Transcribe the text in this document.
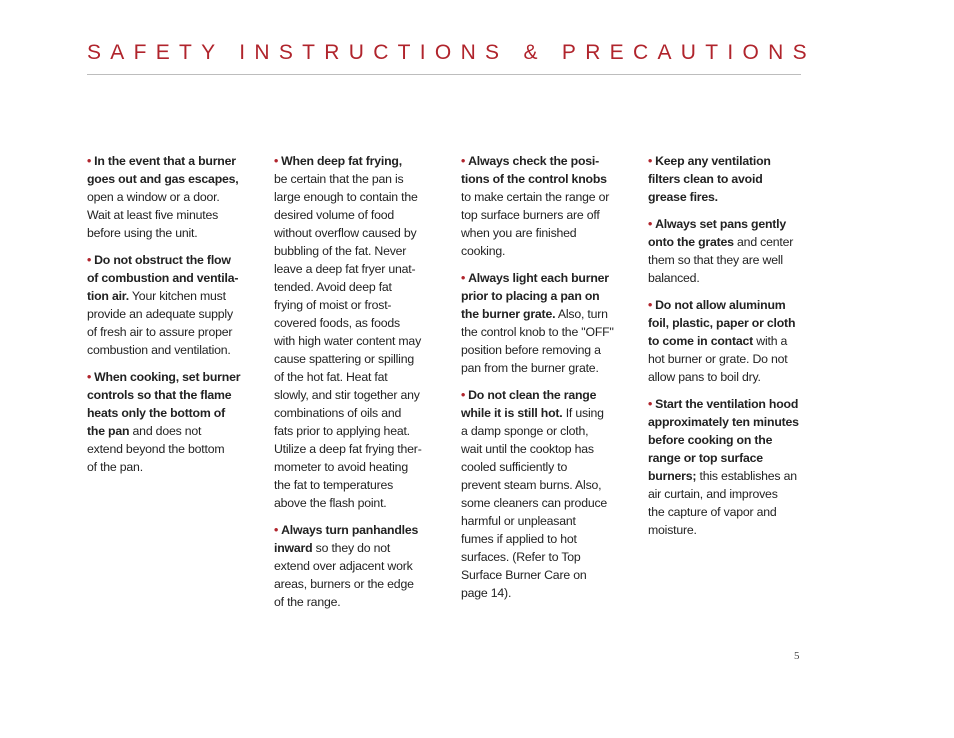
SAFETY INSTRUCTIONS & PRECAUTIONS

• In the event that a burner
goes out and gas escapes,
open a window or a door.
Wait at least five minutes
before using the unit.

• Do not obstruct the flow
of combustion and ventila-
tion air. Your kitchen must
provide an adequate supply
of fresh air to assure proper
combustion and ventilation.

• When cooking, set burner
controls so that the flame
heats only the bottom of
the pan and does not
extend beyond the bottom
of the pan.

• When deep fat frying,
be certain that the pan is
large enough to contain the
desired volume of food
without overflow caused by
bubbling of the fat. Never
leave a deep fat fryer unat-
tended. Avoid deep fat
frying of moist or frost-
covered foods, as foods
with high water content may
cause spattering or spilling
of the hot fat. Heat fat
slowly, and stir together any
combinations of oils and
fats prior to applying heat.
Utilize a deep fat frying ther-
mometer to avoid heating
the fat to temperatures
above the flash point.

• Always turn panhandles
inward so they do not
extend over adjacent work
areas, burners or the edge
of the range.

• Always check the posi-
tions of the control knobs
to make certain the range or
top surface burners are off
when you are finished
cooking.

• Always light each burner
prior to placing a pan on
the burner grate. Also, turn
the control knob to the "OFF"
position before removing a
pan from the burner grate.

• Do not clean the range
while it is still hot. If using
a damp sponge or cloth,
wait until the cooktop has
cooled sufficiently to
prevent steam burns. Also,
some cleaners can produce
harmful or unpleasant
fumes if applied to hot
surfaces. (Refer to Top
Surface Burner Care on
page 14).

• Keep any ventilation
filters clean to avoid
grease fires.

• Always set pans gently
onto the grates and center
them so that they are well
balanced.

• Do not allow aluminum
foil, plastic, paper or cloth
to come in contact with a
hot burner or grate. Do not
allow pans to boil dry.

• Start the ventilation hood
approximately ten minutes
before cooking on the
range or top surface
burners; this establishes an
air curtain, and improves
the capture of vapor and
moisture.

5
